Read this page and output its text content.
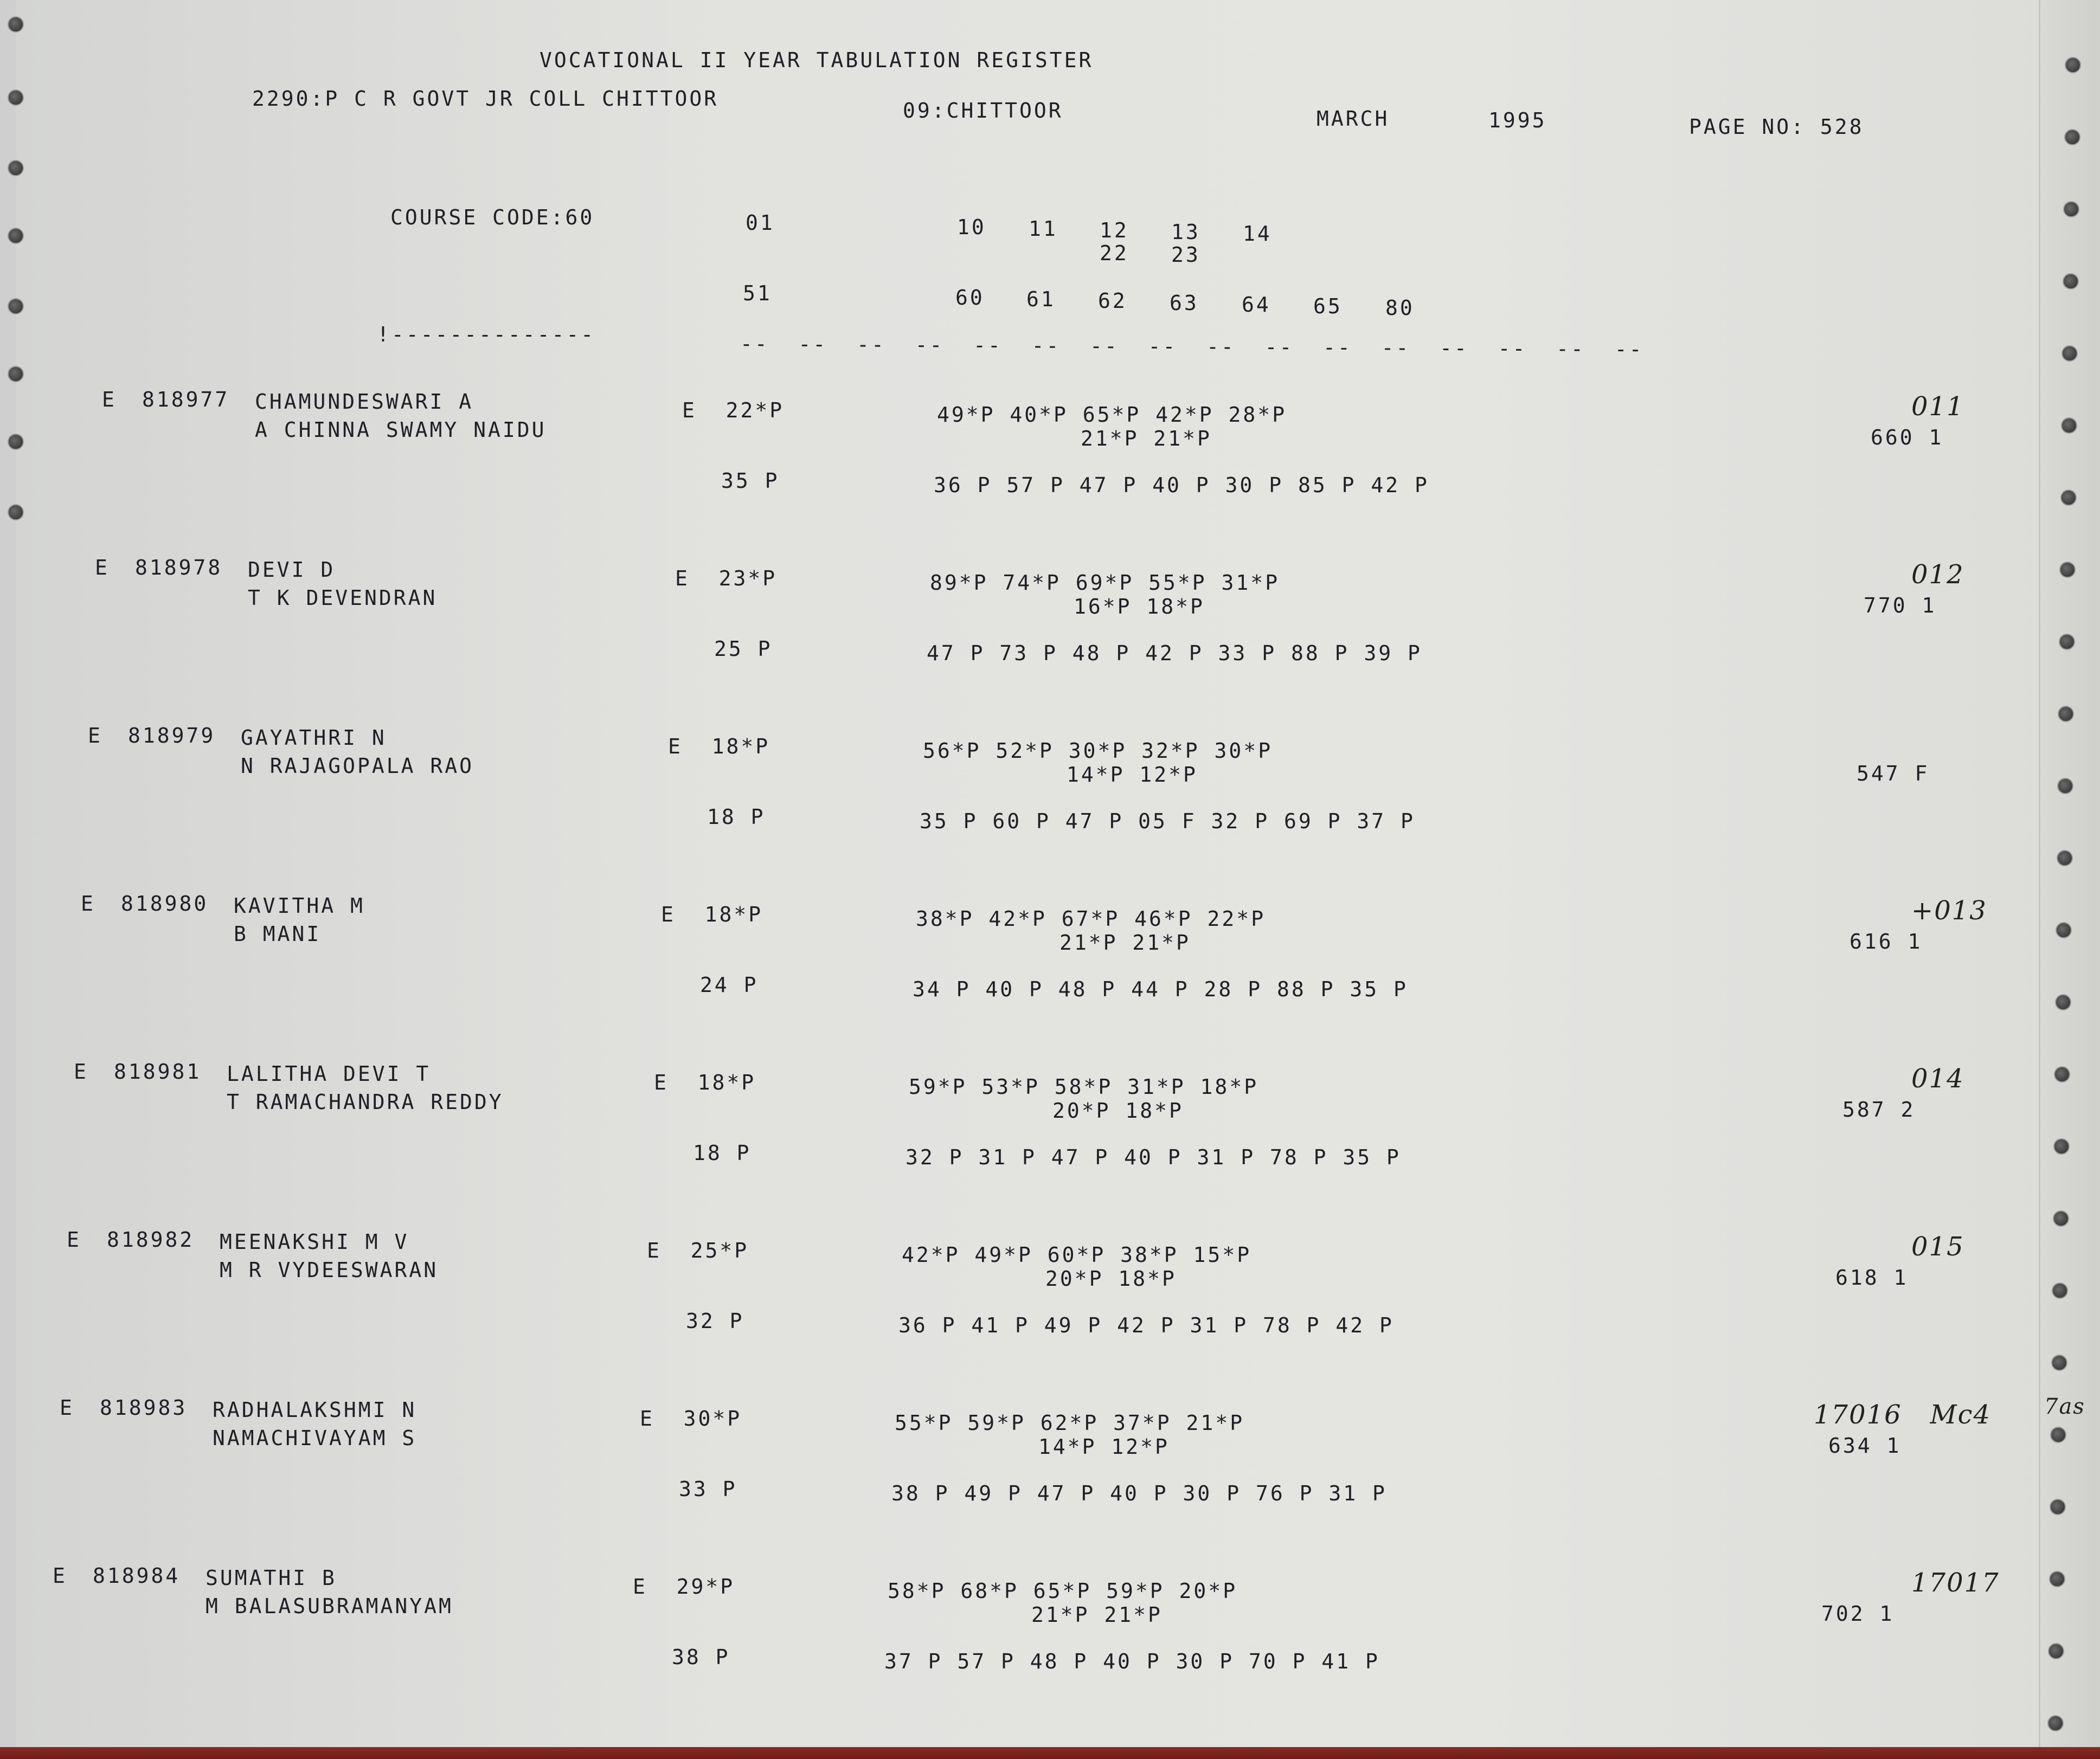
VOCATIONAL II YEAR TABULATION REGISTER
2290:P C R GOVT JR COLL CHITTOOR	09:CHITTOOR	MARCH	1995	PAGE NO: 528
COURSE CODE:60	01	10 11 12 13 14
22 23
51	60 61 62 63 64 65 80
!--------------	--  --  --  --  --  --  --  --  --  --  --  --  --  --  --  --
E 818977 CHAMUNDESWARI A
A CHINNA SWAMY NAIDU
E  22*P	49*P 40*P 65*P 42*P 28*P
21*P 21*P
35 P	36 P 57 P 47 P 40 P 30 P 85 P 42 P
660 1
011
E 818978 DEVI D
T K DEVENDRAN
E  23*P	89*P 74*P 69*P 55*P 31*P
16*P 18*P
25 P	47 P 73 P 48 P 42 P 33 P 88 P 39 P
770 1
012
E 818979 GAYATHRI N
N RAJAGOPALA RAO
E  18*P	56*P 52*P 30*P 32*P 30*P
14*P 12*P
18 P	35 P 60 P 47 P 05 F 32 P 69 P 37 P
547 F
E 818980 KAVITHA M
B MANI
E  18*P	38*P 42*P 67*P 46*P 22*P
21*P 21*P
24 P	34 P 40 P 48 P 44 P 28 P 88 P 35 P
616 1
+013
E 818981 LALITHA DEVI T
T RAMACHANDRA REDDY
E  18*P	59*P 53*P 58*P 31*P 18*P
20*P 18*P
18 P	32 P 31 P 47 P 40 P 31 P 78 P 35 P
587 2
014
E 818982 MEENAKSHI M V
M R VYDEESWARAN
E  25*P	42*P 49*P 60*P 38*P 15*P
20*P 18*P
32 P	36 P 41 P 49 P 42 P 31 P 78 P 42 P
618 1
015
E 818983 RADHALAKSHMI N
NAMACHIVAYAM S
E  30*P	55*P 59*P 62*P 37*P 21*P
14*P 12*P
33 P	38 P 49 P 47 P 40 P 30 P 76 P 31 P
634 1
17016   Mc4
E 818984 SUMATHI B
M BALASUBRAMANYAM
E  29*P	58*P 68*P 65*P 59*P 20*P
21*P 21*P
38 P	37 P 57 P 48 P 40 P 30 P 70 P 41 P
702 1
17017
7as
